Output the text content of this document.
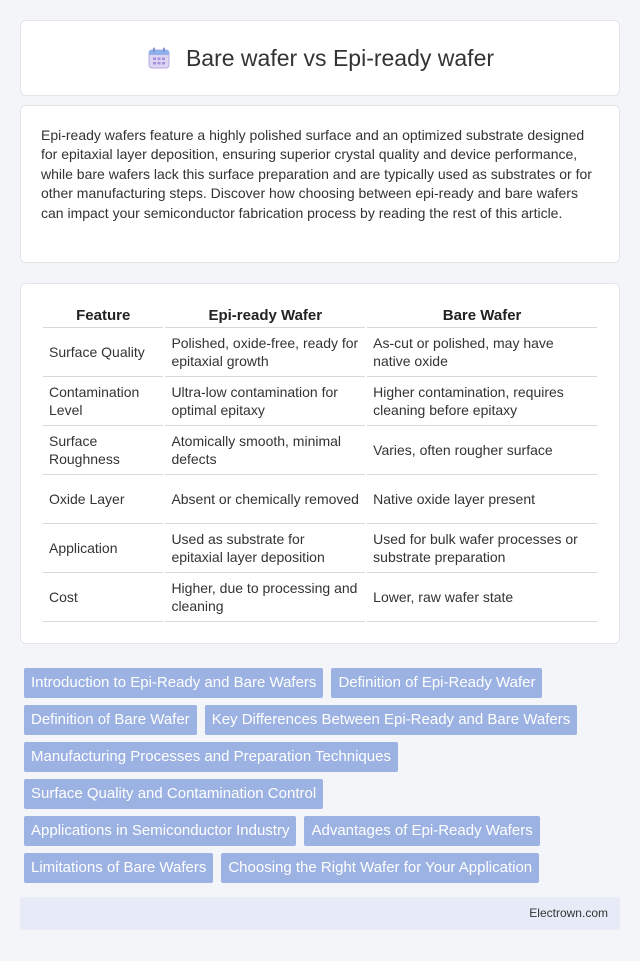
Bare wafer vs Epi-ready wafer

Epi-ready wafers feature a highly polished surface and an optimized substrate designed for epitaxial layer deposition, ensuring superior crystal quality and device performance, while bare wafers lack this surface preparation and are typically used as substrates or for other manufacturing steps. Discover how choosing between epi-ready and bare wafers can impact your semiconductor fabrication process by reading the rest of this article.

Feature	Epi-ready Wafer	Bare Wafer
Surface Quality	Polished, oxide-free, ready for epitaxial growth	As-cut or polished, may have native oxide
Contamination Level	Ultra-low contamination for optimal epitaxy	Higher contamination, requires cleaning before epitaxy
Surface Roughness	Atomically smooth, minimal defects	Varies, often rougher surface
Oxide Layer	Absent or chemically removed	Native oxide layer present
Application	Used as substrate for epitaxial layer deposition	Used for bulk wafer processes or substrate preparation
Cost	Higher, due to processing and cleaning	Lower, raw wafer state
Introduction to Epi-Ready and Bare Wafers	Definition of Epi-Ready Wafer
Definition of Bare Wafer	Key Differences Between Epi-Ready and Bare Wafers
Manufacturing Processes and Preparation Techniques
Surface Quality and Contamination Control
Applications in Semiconductor Industry	Advantages of Epi-Ready Wafers
Limitations of Bare Wafers	Choosing the Right Wafer for Your Application
Electrown.com
